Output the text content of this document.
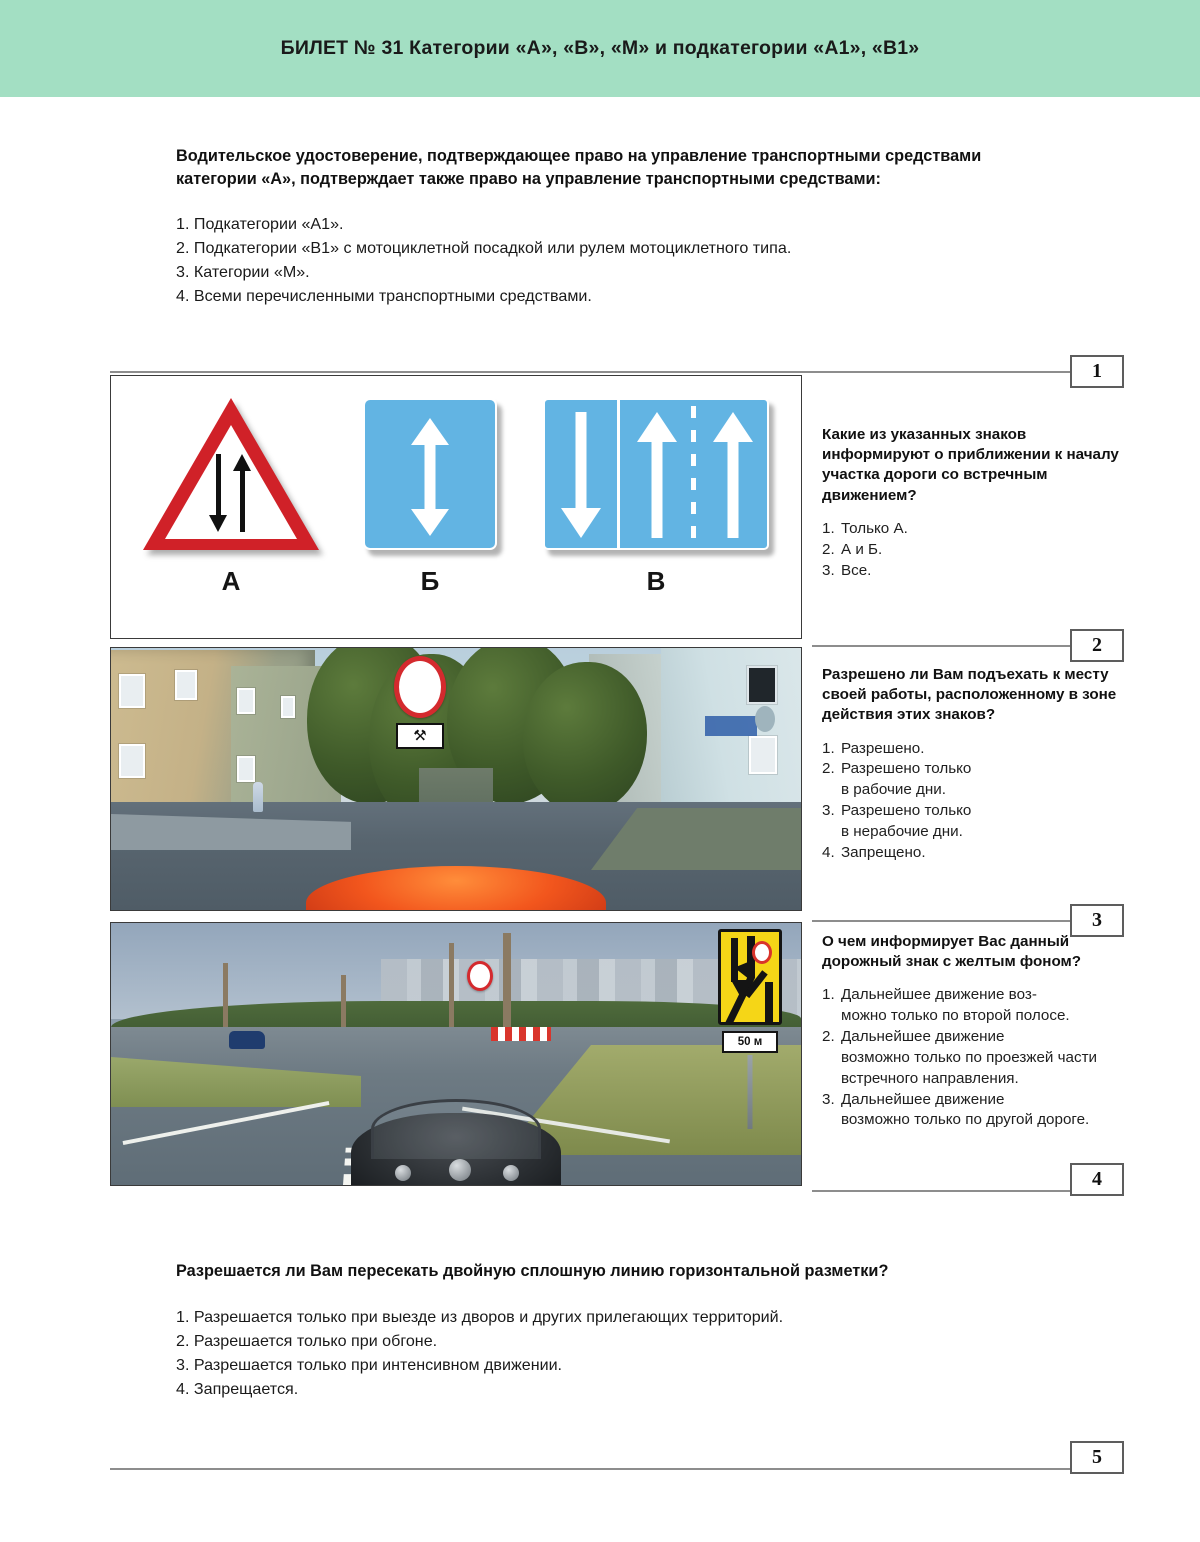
БИЛЕТ № 31 Категории «А», «В», «М» и подкатегории «А1», «В1»
Водительское удостоверение, подтверждающее право на управление транспортными средствами категории «А», подтверждает также право на управление транспортными средствами:
1. Подкатегории «А1».
2. Подкатегории «В1» с мотоциклетной посадкой или рулем мотоциклетного типа.
3. Категории «М».
4. Всеми перечисленными транспортными средствами.
1
А	Б	В
Какие из указанных знаков информируют о приближении к началу участка дороги со встречным движением?
1. Только А.
2. А и Б.
3. Все.
2
⚒
Разрешено ли Вам подъехать к месту своей работы, расположенному в зоне действия этих знаков?
1. Разрешено.
2. Разрешено только
в рабочие дни.
3. Разрешено только
в нерабочие дни.
4. Запрещено.
3
50 м
О чем информирует Вас данный дорожный знак с желтым фоном?
1. Дальнейшее движение воз-
можно только по второй полосе.
2. Дальнейшее движение
возможно только по проезжей части встречного направления.
3. Дальнейшее движение
возможно только по другой дороге.
4
Разрешается ли Вам пересекать двойную сплошную линию горизонтальной разметки?
1. Разрешается только при выезде из дворов и других прилегающих территорий.
2. Разрешается только при обгоне.
3. Разрешается только при интенсивном движении.
4. Запрещается.
5
